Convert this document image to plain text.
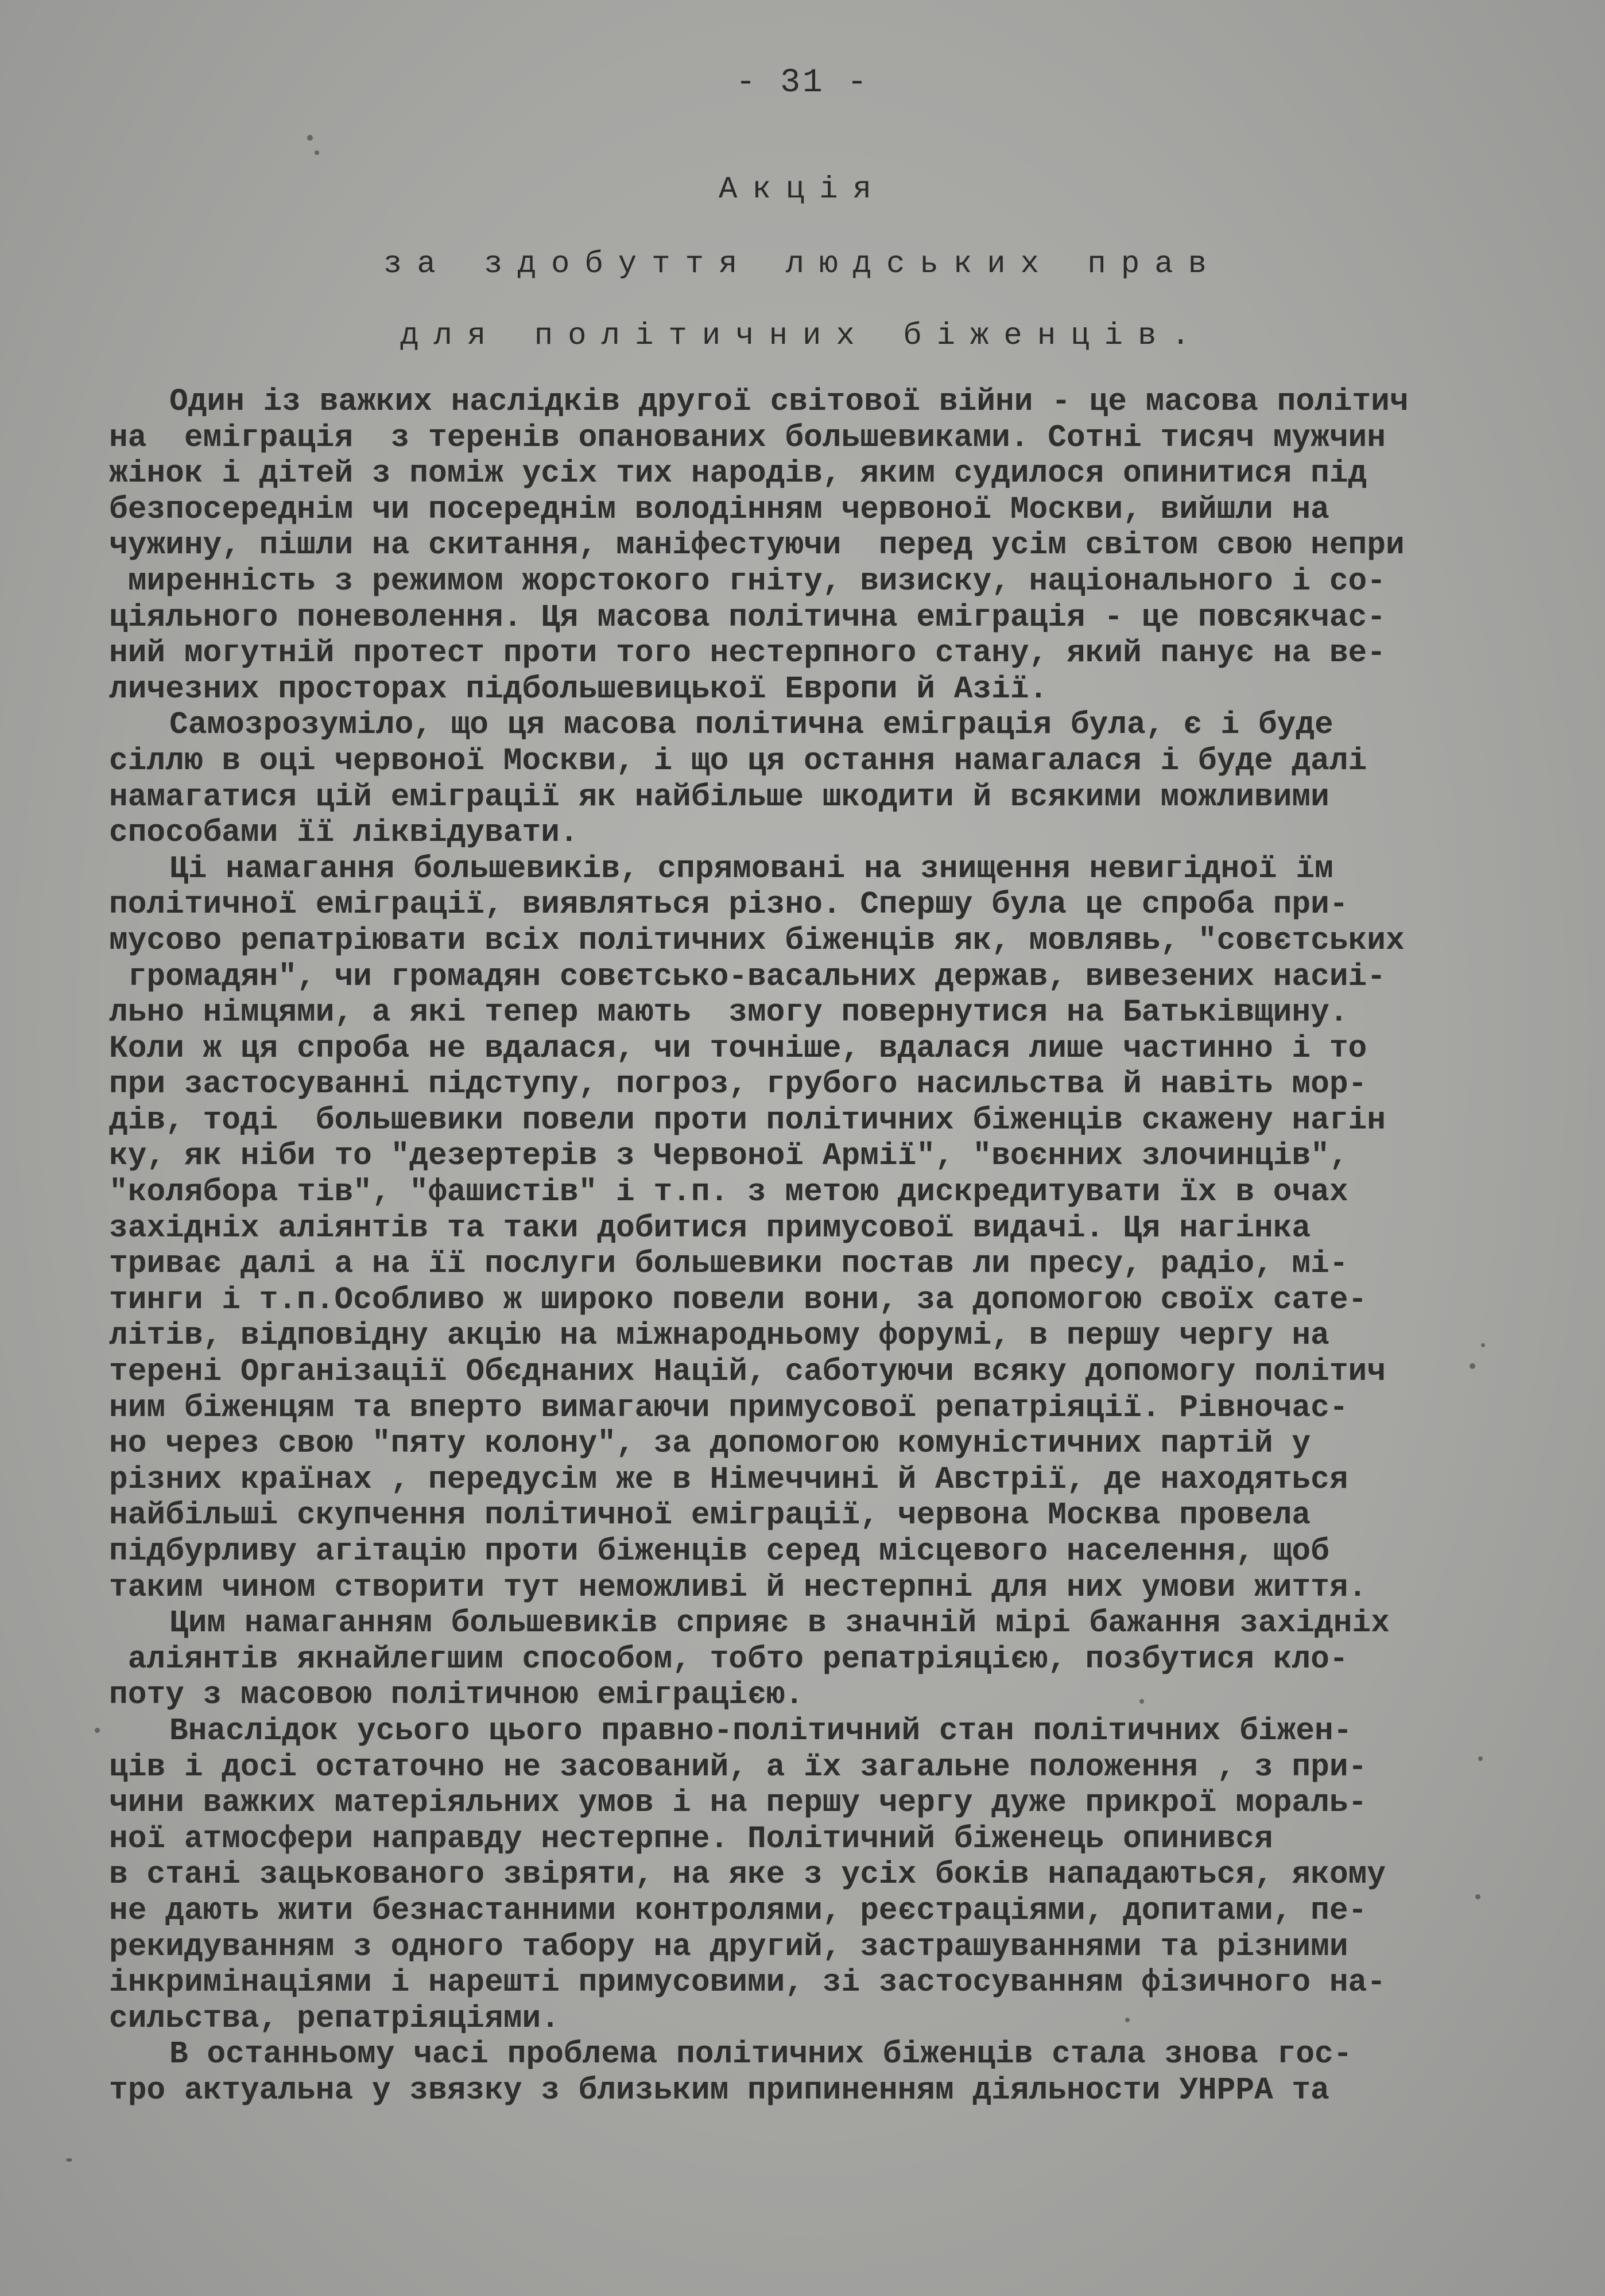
- 31 -

Акція
за здобуття людських прав
для політичних біженців.
Один із важких наслідків другої світової війни - це масова політич
на  еміграція  з теренів опанованих большевиками. Сотні тисяч мужчин
жінок і дітей з поміж усіх тих народів, яким судилося опинитися під
безпосереднім чи посереднім володінням червоної Москви, вийшли на
чужину, пішли на скитання, маніфестуючи  перед усім світом свою непри
миренність з режимом жорстокого гніту, визиску, національного і со-
ціяльного поневолення. Ця масова політична еміграція - це повсякчас-
ний могутній протест проти того нестерпного стану, який панує на ве-
личезних просторах підбольшевицької Европи й Азії.
Самозрозуміло, що ця масова політична еміграція була, є і буде
сіллю в оці червоної Москви, і що ця остання намагалася і буде далі
намагатися цій еміграції як найбільше шкодити й всякими можливими
способами її ліквідувати.
Ці намагання большевиків, спрямовані на знищення невигідної їм
політичної еміграції, виявляться різно. Спершу була це спроба при-
мусово репатріювати всіх політичних біженців як, мовлявь, "совєтських
громадян", чи громадян совєтсько-васальних держав, вивезених насиі-
льно німцями, а які тепер мають  змогу повернутися на Батьківщину.
Коли ж ця спроба не вдалася, чи точніше, вдалася лише частинно і то
при застосуванні підступу, погроз, грубого насильства й навіть мор-
дів, тоді  большевики повели проти політичних біженців скажену нагін
ку, як ніби то "дезертерів з Червоної Армії", "воєнних злочинців",
"колябора тів", "фашистів" і т.п. з метою дискредитувати їх в очах
західніх аліянтів та таки добитися примусової видачі. Ця нагінка
триває далі а на її послуги большевики постав ли пресу, радіо, мі-
тинги і т.п.Особливо ж широко повели вони, за допомогою своїх сате-
літів, відповідну акцію на міжнародньому форумі, в першу чергу на
терені Організації Обєднаних Націй, саботуючи всяку допомогу політич
ним біженцям та вперто вимагаючи примусової репатріяції. Рівночас-
но через свою "пяту колону", за допомогою комуністичних партій у
різних країнах , передусім же в Німеччині й Австрії, де находяться
найбільші скупчення політичної еміграції, червона Москва провела
підбурливу агітацію проти біженців серед місцевого населення, щоб
таким чином створити тут неможливі й нестерпні для них умови життя.
Цим намаганням большевиків сприяє в значній мірі бажання західніх
аліянтів якнайлегшим способом, тобто репатріяцією, позбутися кло-
поту з масовою політичною еміграцією.
Внаслідок усього цього правно-політичний стан політичних біжен-
ців і досі остаточно не засований, а їх загальне положення , з при-
чини важких матеріяльних умов і на першу чергу дуже прикрої мораль-
ної атмосфери направду нестерпне. Політичний біженець опинився
в стані зацькованого звіряти, на яке з усіх боків нападаються, якому
не дають жити безнастанними контролями, реєстраціями, допитами, пе-
рекидуванням з одного табору на другий, застрашуваннями та різними
інкримінаціями і нарешті примусовими, зі застосуванням фізичного на-
сильства, репатріяціями.
В останньому часі проблема політичних біженців стала знова гос-
тро актуальна у звязку з близьким припиненням діяльности УНРРА та
